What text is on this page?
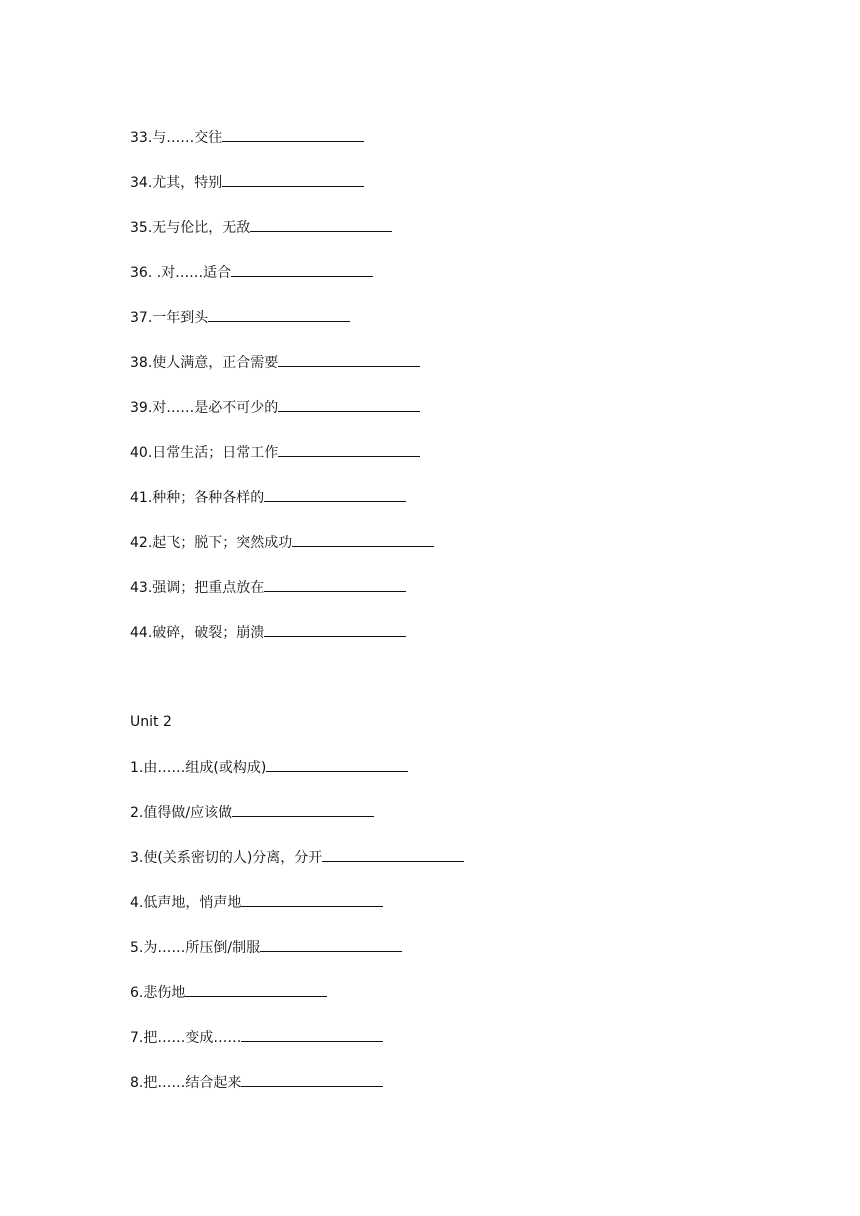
33.与……交往
34.尤其，特别
35.无与伦比，无敌
36. .对……适合
37.一年到头
38.使人满意，正合需要
39.对……是必不可少的
40.日常生活；日常工作
41.种种；各种各样的
42.起飞；脱下；突然成功
43.强调；把重点放在
44.破碎，破裂；崩溃
Unit 2
1.由……组成(或构成)
2.值得做/应该做
3.使(关系密切的人)分离，分开
4.低声地，悄声地
5.为……所压倒/制服
6.悲伤地
7.把……变成……
8.把……结合起来
